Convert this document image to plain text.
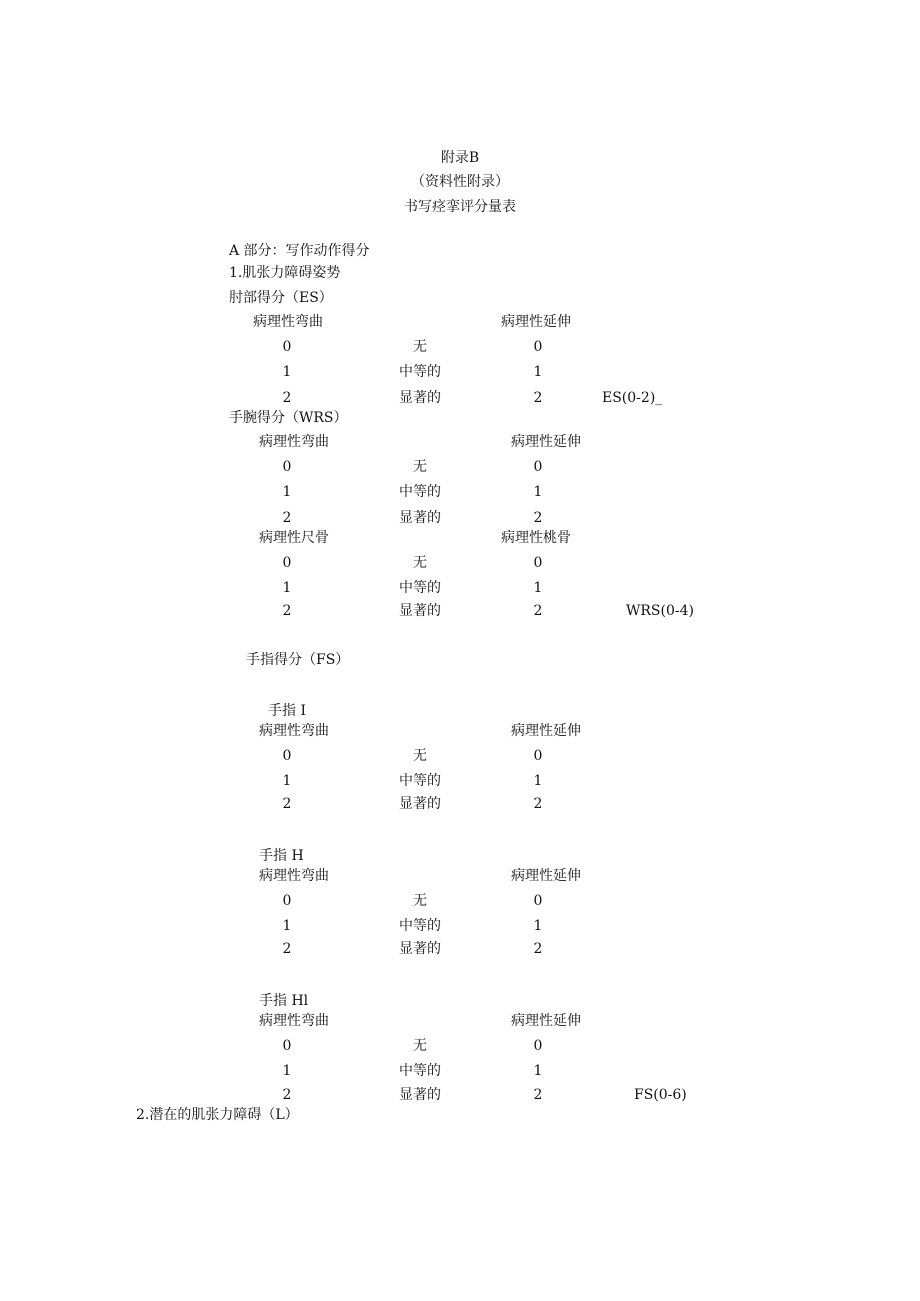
附录B
（资料性附录）
书写痉挛评分量表
A 部分：写作动作得分
1.肌张力障碍姿势
肘部得分（ES）
病理性弯曲	病理性延伸
0	无	0
1	中等的	1
2	显著的	2	ES(0-2)_
手腕得分（WRS）
病理性弯曲	病理性延伸
0	无	0
1	中等的	1
2	显著的	2
病理性尺骨	病理性桃骨
0	无	0
1	中等的	1
2	显著的	2	WRS(0-4)
手指得分（FS）
手指 I
病理性弯曲	病理性延伸
0	无	0
1	中等的	1
2	显著的	2
手指 H
病理性弯曲	病理性延伸
0	无	0
1	中等的	1
2	显著的	2
手指 Hl
病理性弯曲	病理性延伸
0	无	0
1	中等的	1
2	显著的	2	FS(0-6)
2.潜在的肌张力障碍（L）
